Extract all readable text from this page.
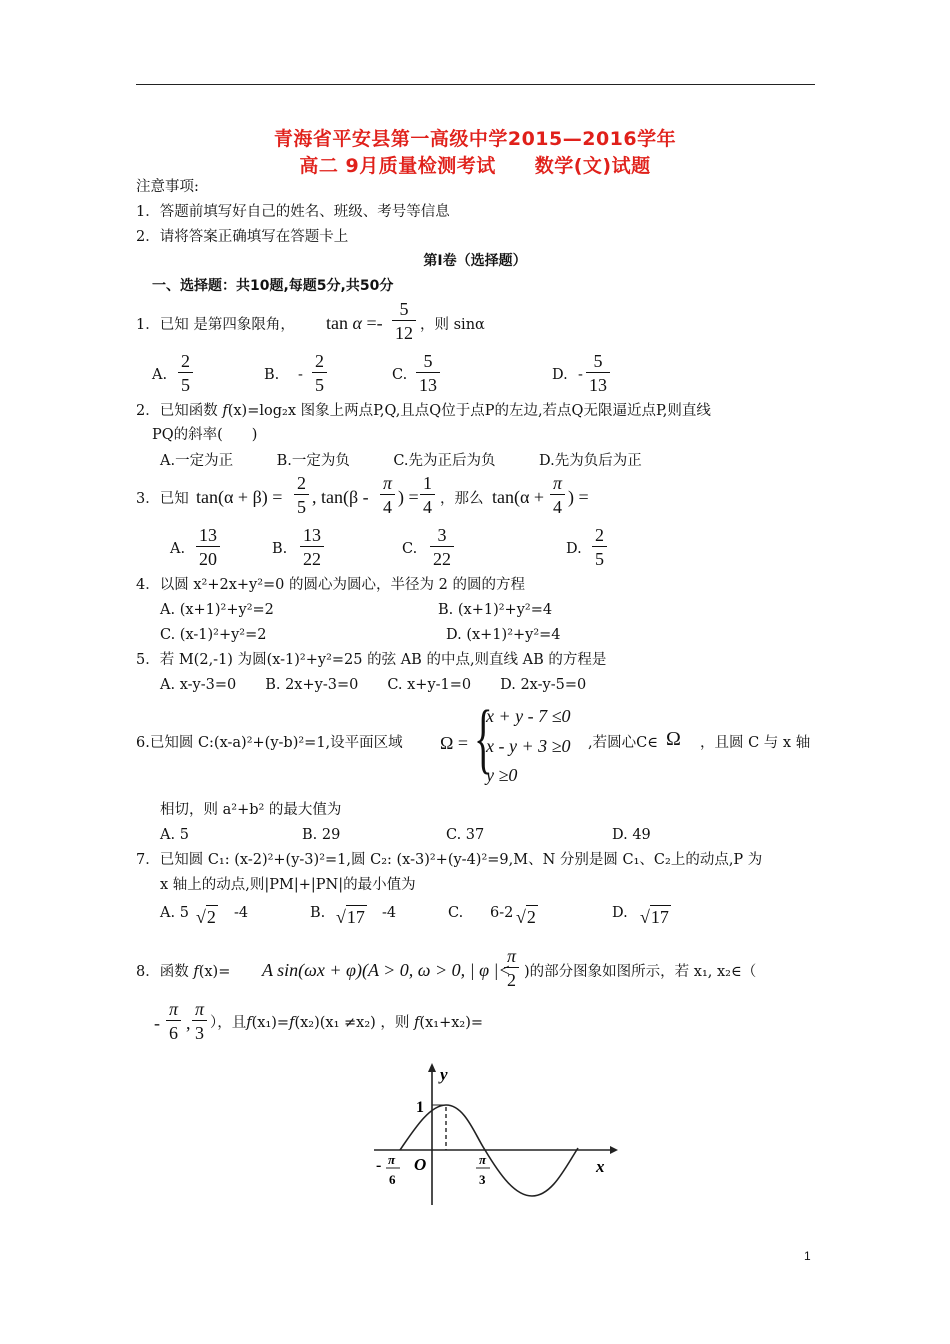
青海省平安县第一高级中学2015—2016学年
高二 9月质量检测考试　　数学(文)试题
注意事项:
1．答题前填写好自己的姓名、班级、考号等信息
2．请将答案正确填写在答题卡上
第I卷（选择题）
一、选择题：共10题,每题5分,共50分
1．已知 是第四象限角， $\tan \alpha =- \frac{5}{12}$ ，则 sinα
A. $\frac{2}{5}$	B. - $\frac{2}{5}$	C. $\frac{5}{13}$	D. - $\frac{5}{13}$
2．已知函数 f(x)=log₂x 图象上两点P,Q,且点Q位于点P的左边,若点Q无限逼近点P,则直线
PQ的斜率(　　)
A.一定为正　　　B.一定为负　　　C.先为正后为负　　　D.先为负后为正
3．已知 $\tan(\alpha + \beta) = \frac{2}{5}$ , $\tan(\beta - \frac{\pi}{4}$ ) = $\frac{1}{4}$ ，那么 $\tan(\alpha + \frac{\pi}{4}$ ) =
A. $\frac{13}{20}$	B. $\frac{13}{22}$	C. $\frac{3}{22}$	D. $\frac{2}{5}$
4．以圆 x²+2x+y²=0 的圆心为圆心，半径为 2 的圆的方程
A. (x+1)²+y²=2	B. (x+1)²+y²=4
C. (x-1)²+y²=2	D. (x+1)²+y²=4
5．若 M(2,-1) 为圆(x-1)²+y²=25 的弦 AB 的中点,则直线 AB 的方程是
A. x-y-3=0　　B. 2x+y-3=0　　C. x+y-1=0　　D. 2x-y-5=0
6.已知圆 C:(x-a)²+(y-b)²=1,设平面区域 Ω = {
x + y - 7 ≤0
x - y + 3 ≥0
y ≥0
,若圆心C∈ Ω ，且圆 C 与 x 轴
相切，则 a²+b² 的最大值为
A. 5	B. 29	C. 37	D. 49
7．已知圆 C₁: (x-2)²+(y-3)²=1,圆 C₂: (x-3)²+(y-4)²=9,M、N 分别是圆 C₁、C₂上的动点,P 为
x 轴上的动点,则|PM|+|PN|的最小值为
A. 5 √2 -4	B. √17 -4	C. 6-2 √2	D. √17
8．函数 f(x)= A sin(ωx + φ)(A > 0, ω > 0, | φ |<
$\frac{\pi}{2}$ )的部分图象如图所示，若 x₁, x₂∈（
- $\frac{\pi}{6}$ , $\frac{\pi}{3}$ ），且f(x₁)=f(x₂)(x₁ ≠x₂) ，则 f(x₁+x₂)=
y
x
O
1
- π
6
π
3
1
